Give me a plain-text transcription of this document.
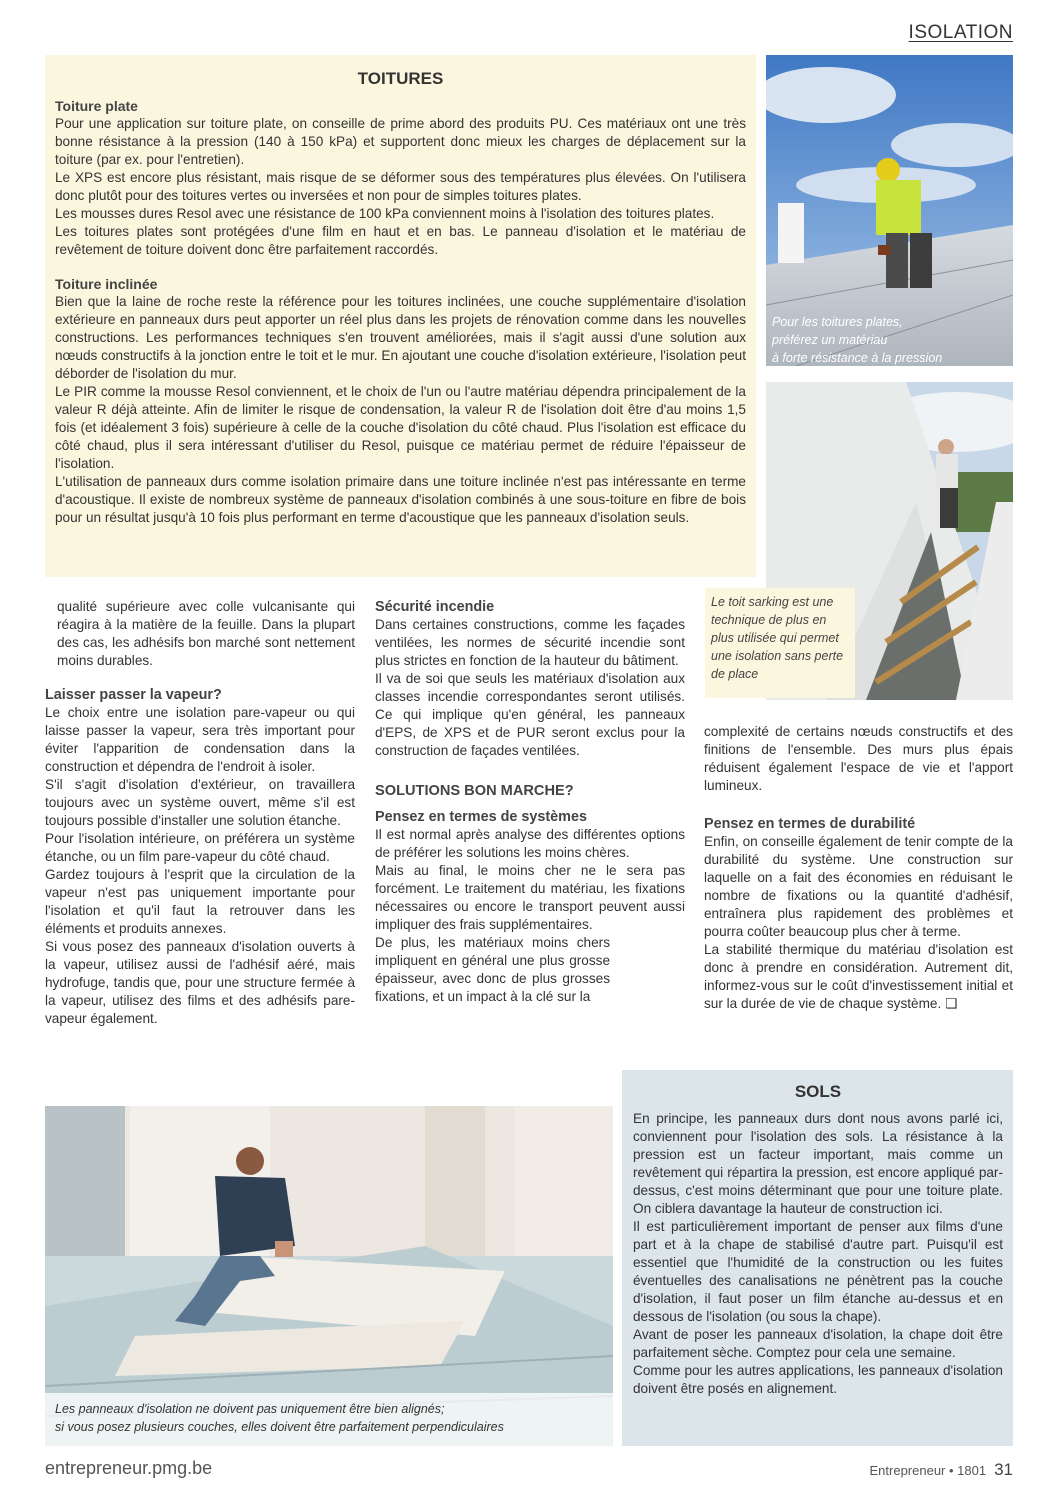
ISOLATION
TOITURES

Toiture plate

Pour une application sur toiture plate, on conseille de prime abord des produits PU. Ces matériaux ont une très bonne résistance à la pression (140 à 150 kPa) et supportent donc mieux les charges de déplacement sur la toiture (par ex. pour l'entretien).

Le XPS est encore plus résistant, mais risque de se déformer sous des températures plus élevées. On l'utilisera donc plutôt pour des toitures vertes ou inversées et non pour de simples toitures plates.

Les mousses dures Resol avec une résistance de 100 kPa conviennent moins à l'isolation des toitures plates.

Les toitures plates sont protégées d'une film en haut et en bas. Le panneau d'isolation et le matériau de revêtement de toiture doivent donc être parfaitement raccordés.

Toiture inclinée

Bien que la laine de roche reste la référence pour les toitures inclinées, une couche supplémentaire d'isolation extérieure en panneaux durs peut apporter un réel plus dans les projets de rénovation comme dans les nouvelles constructions. Les performances techniques s'en trouvent améliorées, mais il s'agit aussi d'une solution aux nœuds constructifs à la jonction entre le toit et le mur. En ajoutant une couche d'isolation extérieure, l'isolation peut déborder de l'isolation du mur.

Le PIR comme la mousse Resol conviennent, et le choix de l'un ou l'autre matériau dépendra principalement de la valeur R déjà atteinte. Afin de limiter le risque de condensation, la valeur R de l'isolation doit être d'au moins 1,5 fois (et idéalement 3 fois) supérieure à celle de la couche d'isolation du côté chaud. Plus l'isolation est efficace du côté chaud, plus il sera intéressant d'utiliser du Resol, puisque ce matériau permet de réduire l'épaisseur de l'isolation.

L'utilisation de panneaux durs comme isolation primaire dans une toiture inclinée n'est pas intéressante en terme d'acoustique. Il existe de nombreux système de panneaux d'isolation combinés à une sous-toiture en fibre de bois pour un résultat jusqu'à 10 fois plus performant en terme d'acoustique que les panneaux d'isolation seuls.

Pour les toitures plates,
préférez un matériau
à forte résistance à la pression
Le toit sarking est une
technique de plus en
plus utilisée qui permet
une isolation sans perte
de place
qualité supérieure avec colle vulcanisante qui réagira à la matière de la feuille. Dans la plupart des cas, les adhésifs bon marché sont nettement moins durables.

Laisser passer la vapeur?

Le choix entre une isolation pare-vapeur ou qui laisse passer la vapeur, sera très important pour éviter l'apparition de condensation dans la construction et dépendra de l'endroit à isoler.
S'il s'agit d'isolation d'extérieur, on travaillera toujours avec un système ouvert, même s'il est toujours possible d'installer une solution étanche.
Pour l'isolation intérieure, on préférera un système étanche, ou un film pare-vapeur du côté chaud.
Gardez toujours à l'esprit que la circulation de la vapeur n'est pas uniquement importante pour l'isolation et qu'il faut la retrouver dans les éléments et produits annexes.
Si vous posez des panneaux d'isolation ouverts à la vapeur, utilisez aussi de l'adhésif aéré, mais hydrofuge, tandis que, pour une structure fermée à la vapeur, utilisez des films et des adhésifs pare-vapeur également.

Sécurité incendie

Dans certaines constructions, comme les façades ventilées, les normes de sécurité incendie sont plus strictes en fonction de la hauteur du bâtiment.
Il va de soi que seuls les matériaux d'isolation aux classes incendie correspondantes seront utilisés. Ce qui implique qu'en général, les panneaux d'EPS, de XPS et de PUR seront exclus pour la construction de façades ventilées.

SOLUTIONS BON MARCHE?

Pensez en termes de systèmes

Il est normal après analyse des différentes options de préférer les solutions les moins chères.
Mais au final, le moins cher ne le sera pas forcément. Le traitement du matériau, les fixations nécessaires ou encore le transport peuvent aussi impliquer des frais supplémentaires.
De plus, les matériaux moins chers impliquent en général une plus grosse épaisseur, avec donc de plus grosses fixations, et un impact à la clé sur la
complexité de certains nœuds constructifs et des finitions de l'ensemble. Des murs plus épais réduisent également l'espace de vie et l'apport lumineux.

Pensez en termes de durabilité

Enfin, on conseille également de tenir compte de la durabilité du système. Une construction sur laquelle on a fait des économies en réduisant le nombre de fixations ou la quantité d'adhésif, entraînera plus rapidement des problèmes et pourra coûter beaucoup plus cher à terme.
La stabilité thermique du matériau d'isolation est donc à prendre en considération. Autrement dit, informez-vous sur le coût d'investissement initial et sur la durée de vie de chaque système. ❑
Les panneaux d'isolation ne doivent pas uniquement être bien alignés;
si vous posez plusieurs couches, elles doivent être parfaitement perpendiculaires
SOLS
En principe, les panneaux durs dont nous avons parlé ici, conviennent pour l'isolation des sols. La résistance à la pression est un facteur important, mais comme un revêtement qui répartira la pression, est encore appliqué par-dessus, c'est moins déterminant que pour une toiture plate. On ciblera davantage la hauteur de construction ici.
Il est particulièrement important de penser aux films d'une part et à la chape de stabilisé d'autre part. Puisqu'il est essentiel que l'humidité de la construction ou les fuites éventuelles des canalisations ne pénètrent pas la couche d'isolation, il faut poser un film étanche au-dessus et en dessous de l'isolation (ou sous la chape).
Avant de poser les panneaux d'isolation, la chape doit être parfaitement sèche. Comptez pour cela une semaine.
Comme pour les autres applications, les panneaux d'isolation doivent être posés en alignement.
entrepreneur.pmg.be	Entrepreneur • 1801 31
